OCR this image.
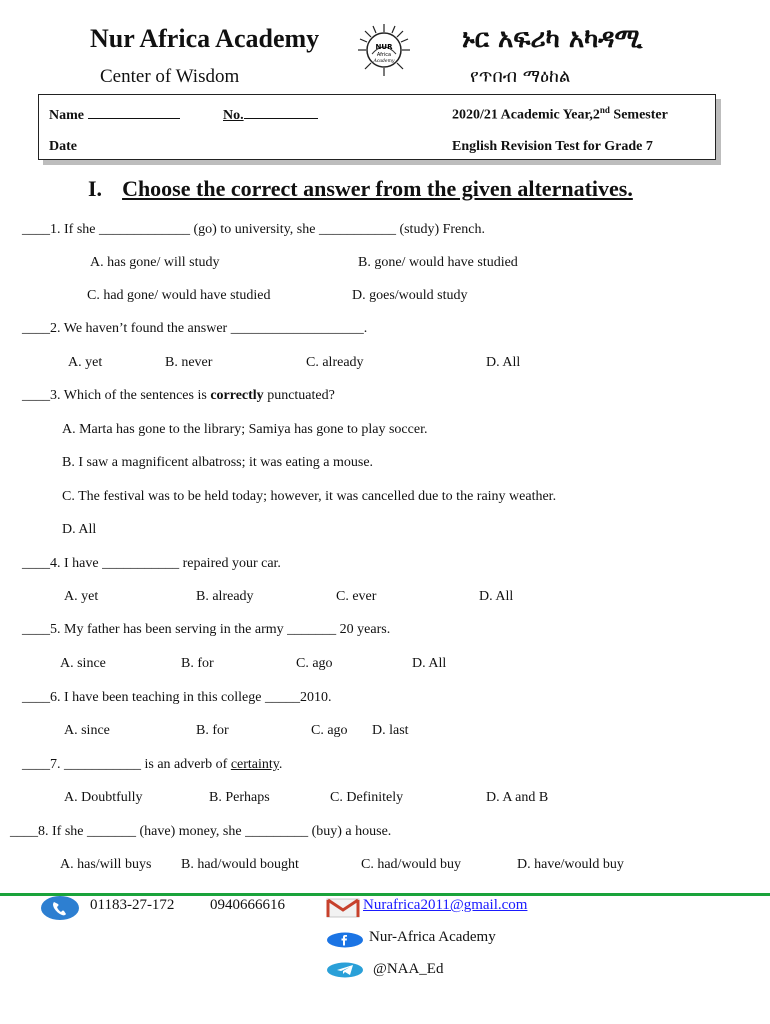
Nur Africa Academy	NUR
Africa
Academy
ኑር አፍሪካ አካዳሚ
Center of Wisdom	የጥበብ ማዕከል
Name	No.	2020/21 Academic Year,2nd Semester
Date	English Revision Test for Grade 7
I. Choose the correct answer from the given alternatives.
____1. If she _____________ (go) to university, she ___________ (study) French.
A. has gone/ will study	B. gone/ would have studied
C. had gone/ would have studied	D. goes/would study
____2. We haven’t found the answer ___________________.
A. yet	B. never	C. already	D. All
____3. Which of the sentences is correctly punctuated?
A. Marta has gone to the library; Samiya has gone to play soccer.
B. I saw a magnificent albatross; it was eating a mouse.
C. The festival was to be held today; however, it was cancelled due to the rainy weather.
D. All
____4. I have ___________ repaired your car.
A. yet	B. already	C. ever	D. All
____5. My father has been serving in the army _______ 20 years.
A. since	B. for	C. ago	D. All
____6. I have been teaching in this college _____2010.
A. since	B. for	C. ago D. last
____7. ___________ is an adverb of certainty.
A. Doubtfully	B. Perhaps	C. Definitely	D. A and B
____8. If she _______ (have) money, she _________ (buy) a house.
A. has/will buys B. had/would bought	C. had/would buy	D. have/would buy
01183-27-172 0940666616	Nurafrica2011@gmail.com
Nur-Africa Academy
@NAA_Ed
